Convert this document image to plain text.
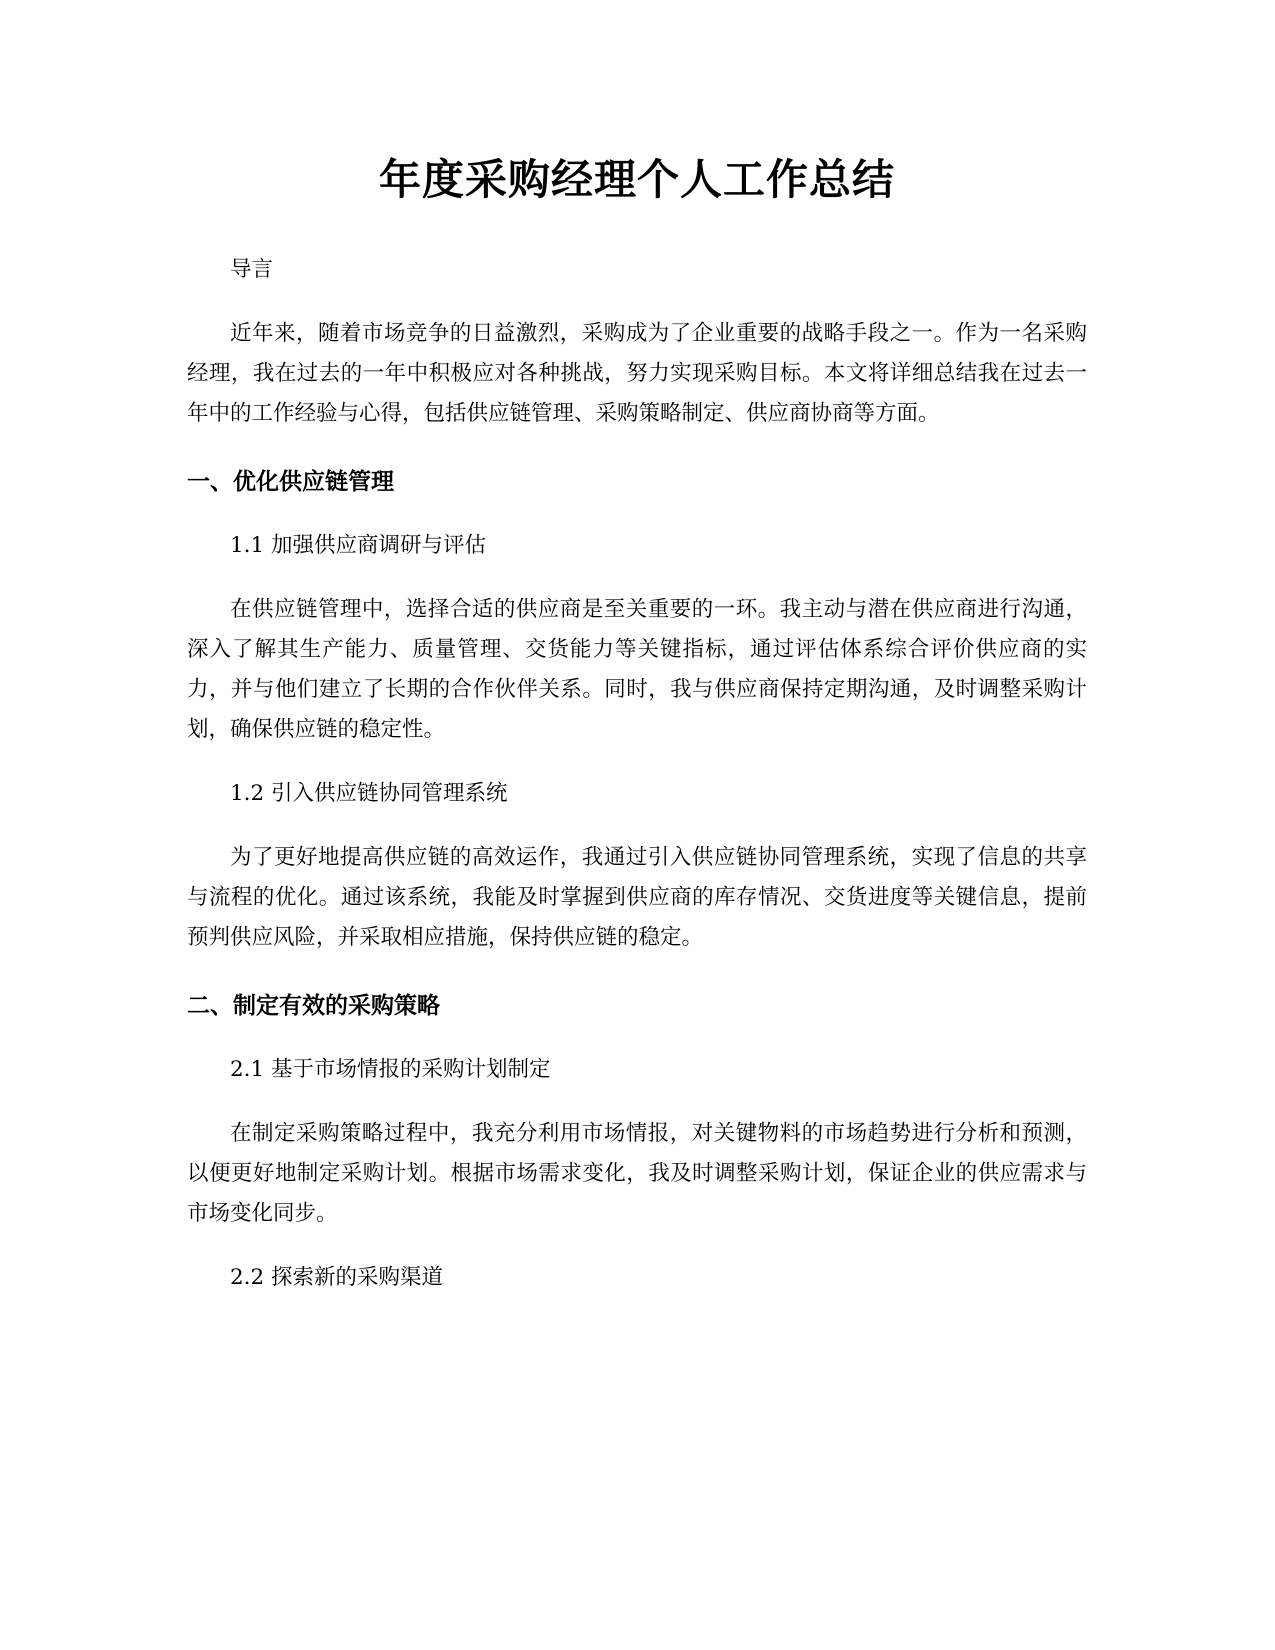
年度采购经理个人工作总结

导言

近年来，随着市场竞争的日益激烈，采购成为了企业重要的战略手段之一。作为一名采购经理，我在过去的一年中积极应对各种挑战，努力实现采购目标。本文将详细总结我在过去一年中的工作经验与心得，包括供应链管理、采购策略制定、供应商协商等方面。

一、优化供应链管理

1.1 加强供应商调研与评估

在供应链管理中，选择合适的供应商是至关重要的一环。我主动与潜在供应商进行沟通，深入了解其生产能力、质量管理、交货能力等关键指标，通过评估体系综合评价供应商的实力，并与他们建立了长期的合作伙伴关系。同时，我与供应商保持定期沟通，及时调整采购计划，确保供应链的稳定性。

1.2 引入供应链协同管理系统

为了更好地提高供应链的高效运作，我通过引入供应链协同管理系统，实现了信息的共享与流程的优化。通过该系统，我能及时掌握到供应商的库存情况、交货进度等关键信息，提前预判供应风险，并采取相应措施，保持供应链的稳定。

二、制定有效的采购策略

2.1 基于市场情报的采购计划制定

在制定采购策略过程中，我充分利用市场情报，对关键物料的市场趋势进行分析和预测，以便更好地制定采购计划。根据市场需求变化，我及时调整采购计划，保证企业的供应需求与市场变化同步。

2.2 探索新的采购渠道
